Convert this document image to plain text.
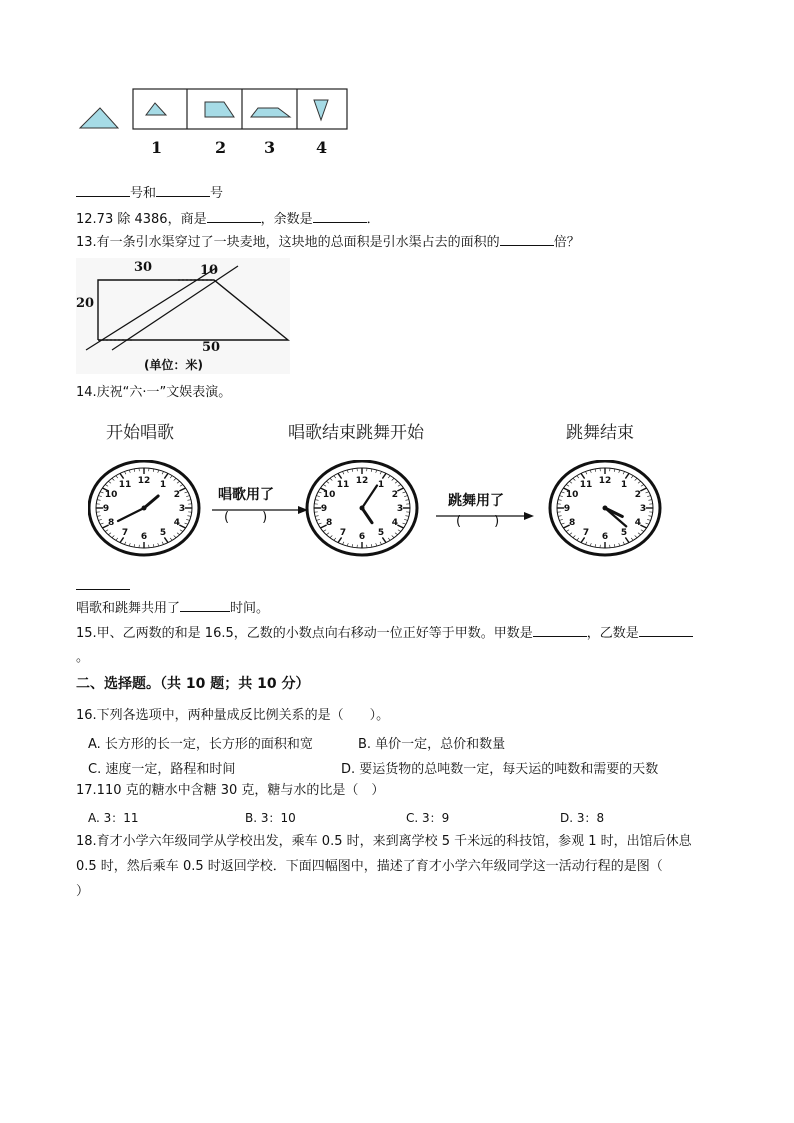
1	2 3	4
号和	号
12.73 除 4386，商是	，余数是	．
13.有一条引水渠穿过了一块麦地，这块地的总面积是引水渠占去的面积的	倍？
30	10
20
50
(单位：米)
14.庆祝“六·一”文娱表演。
开始唱歌	唱歌结束跳舞开始	跳舞结束
1
2
3
4
5
6
7
8
9
10
11 12	1
2
3
4
5
6
7
8
9
10
11 12	1
2
3
4
5
6
7
8
9
10
11 12
唱歌用了
(        )
跳舞用了
(        )
唱歌和跳舞共用了	时间。
15.甲、乙两数的和是 16.5，乙数的小数点向右移动一位正好等于甲数。甲数是	，乙数是
。
二、选择题。（共 10 题；共 10 分）
16.下列各选项中，两种量成反比例关系的是（　　）。
A. 长方形的长一定，长方形的面积和宽	B. 单价一定，总价和数量
C. 速度一定，路程和时间	D. 要运货物的总吨数一定，每天运的吨数和需要的天数
17.110 克的糖水中含糖 30 克，糖与水的比是（　）
A. 3：11	B. 3：10	C. 3：9	D. 3：8
18.育才小学六年级同学从学校出发，乘车 0.5 时，来到离学校 5 千米远的科技馆，参观 1 时，出馆后休息
0.5 时，然后乘车 0.5 时返回学校．下面四幅图中，描述了育才小学六年级同学这一活动行程的是图（
）
